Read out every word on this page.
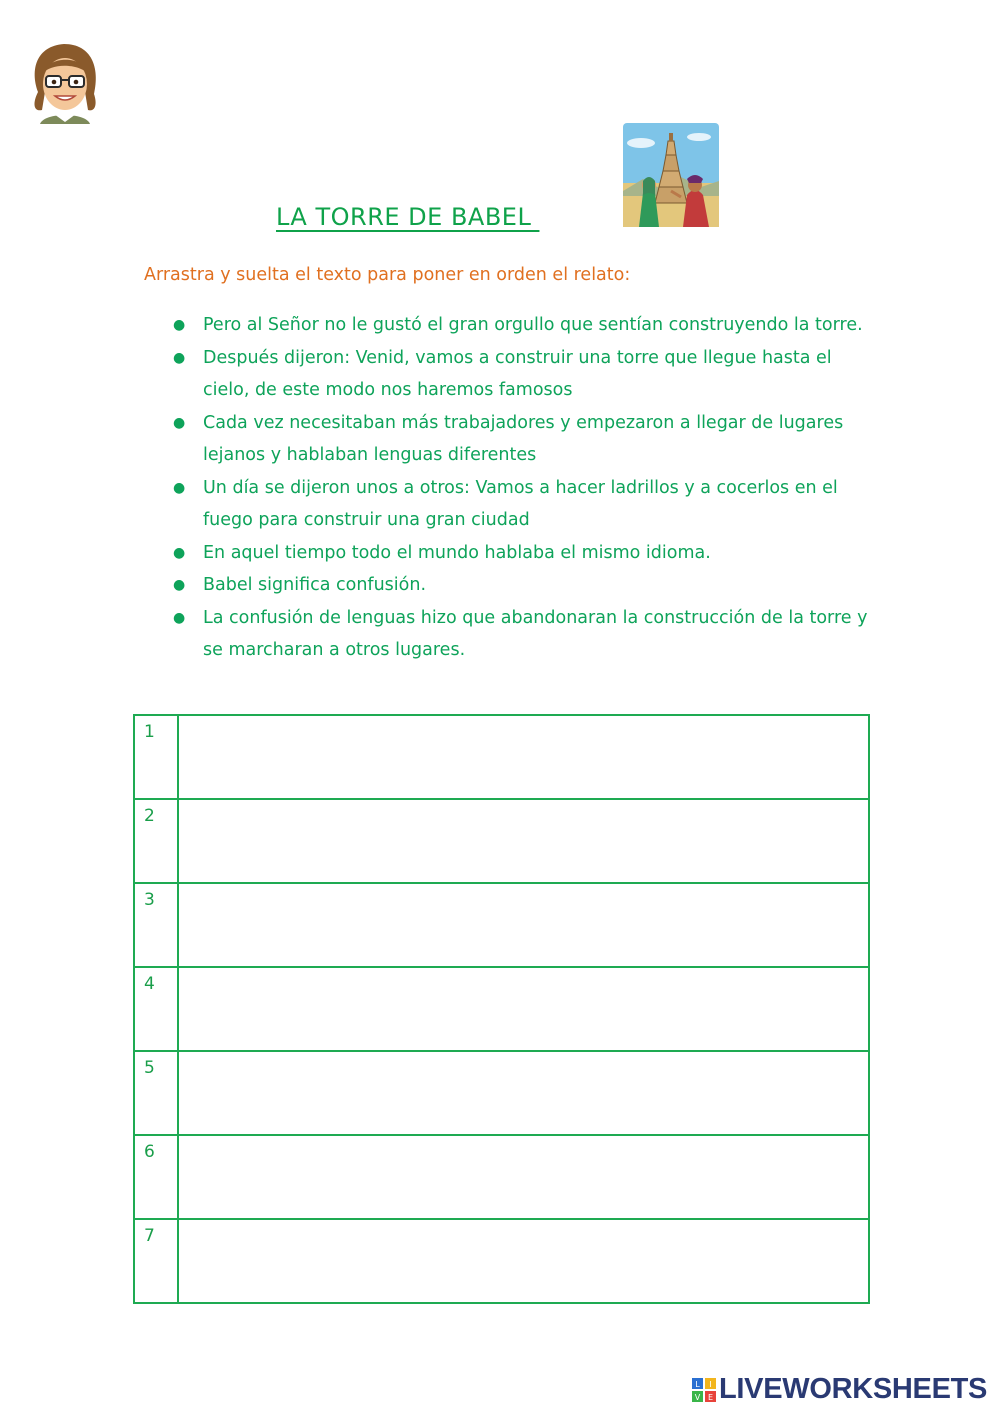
LA TORRE DE BABEL
Arrastra y suelta el texto para poner en orden el relato:
● Pero al Señor no le gustó el gran orgullo que sentían construyendo la torre.
● Después dijeron: Venid, vamos a construir una torre que llegue hasta el cielo, de este modo nos haremos famosos
● Cada vez necesitaban más trabajadores y empezaron a llegar de lugares lejanos y hablaban lenguas diferentes
● Un día se dijeron unos a otros: Vamos a hacer ladrillos y a cocerlos en el fuego para construir una gran ciudad
● En aquel tiempo todo el mundo hablaba el mismo idioma.
● Babel significa confusión.
● La confusión de lenguas hizo que abandonaran la construcción de la torre y se marcharan a otros lugares.
1	
2	
3	
4	
5	
6	
7	
L I
V E LIVEWORKSHEETS
